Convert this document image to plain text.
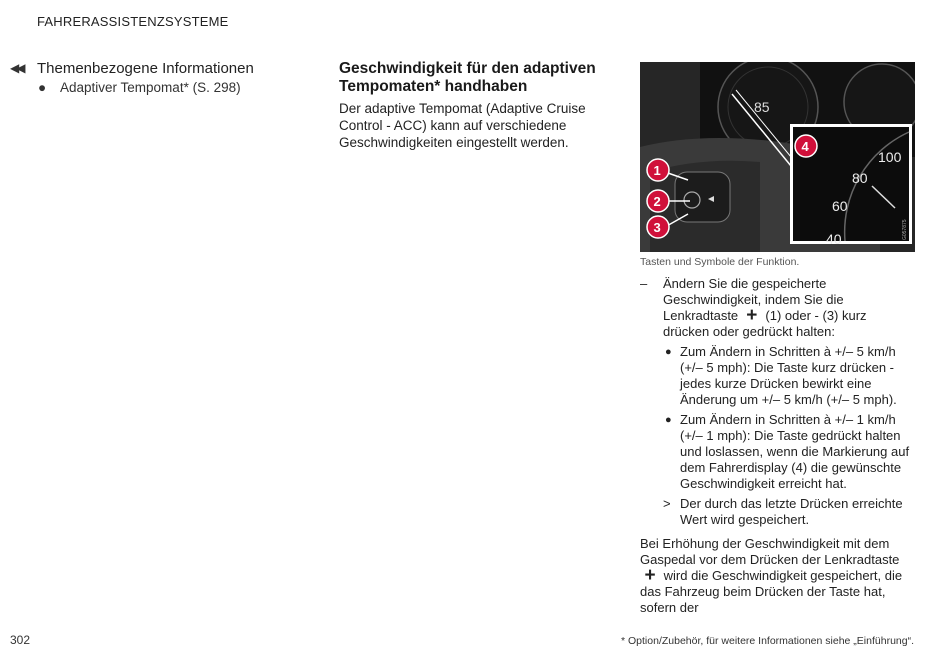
FAHRERASSISTENZSYSTEME
◀◀ Themenbezogene Informationen
● Adaptiver Tempomat* (S. 298)
Geschwindigkeit für den adaptiven Tempomaten* handhaben

Der adaptive Tempomat (Adaptive Cruise Control - ACC) kann auf verschiedene Geschwindigkeiten eingestellt werden.

85
100
80
60
40	G057875
1
2
3
4
Tasten und Symbole der Funktion.
– Ändern Sie die gespeicherte Geschwindigkeit, indem Sie die Lenkradtaste + (1) oder - (3) kurz drücken oder gedrückt halten:
● Zum Ändern in Schritten à +/– 5 km/h (+/– 5 mph): Die Taste kurz drücken - jedes kurze Drücken bewirkt eine Änderung um +/– 5 km/h (+/– 5 mph).
● Zum Ändern in Schritten à +/– 1 km/h (+/– 1 mph): Die Taste gedrückt halten und loslassen, wenn die Markierung auf dem Fahrerdisplay (4) die gewünschte Geschwindigkeit erreicht hat.
> Der durch das letzte Drücken erreichte Wert wird gespeichert.
Bei Erhöhung der Geschwindigkeit mit dem Gaspedal vor dem Drücken der Lenkradtaste + wird die Geschwindigkeit gespeichert, die das Fahrzeug beim Drücken der Taste hat, sofern der
302	* Option/Zubehör, für weitere Informationen siehe „Einführung“.
